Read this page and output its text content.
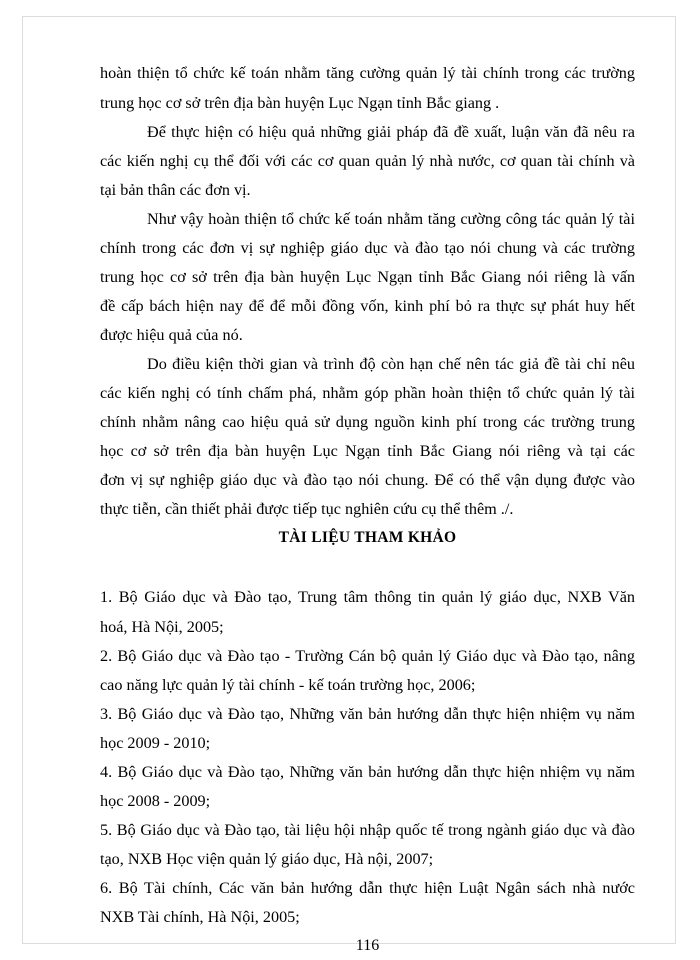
hoàn thiện tổ chức kế toán nhằm tăng cường quản lý tài chính trong các trường
trung học cơ sở trên địa bàn huyện Lục Ngạn tỉnh Bắc giang .
Để thực hiện có hiệu quả những giải pháp đã đề xuất, luận văn đã nêu ra
các kiến nghị cụ thể đối với các cơ quan quản lý nhà nước, cơ quan tài chính và
tại bản thân các đơn vị.
Như vậy hoàn thiện tổ chức kế toán nhằm tăng cường công tác quản lý tài
chính trong các đơn vị sự nghiệp giáo dục và đào tạo nói chung và các trường
trung học cơ sở trên địa bàn huyện Lục Ngạn tỉnh Bắc Giang nói riêng là vấn
đề cấp bách hiện nay để để mỗi đồng vốn, kinh phí bỏ ra thực sự phát huy hết
được hiệu quả của nó.
Do điều kiện thời gian và trình độ còn hạn chế nên tác giả đề tài chỉ nêu
các kiến nghị có tính chấm phá, nhằm góp phần hoàn thiện tổ chức quản lý tài
chính nhằm nâng cao hiệu quả sử dụng nguồn kinh phí trong các trường trung
học cơ sở trên địa bàn huyện Lục Ngạn tỉnh Bắc Giang nói riêng và tại các
đơn vị sự nghiệp giáo dục và đào tạo nói chung. Để có thể vận dụng được vào
thực tiễn, cần thiết phải được tiếp tục nghiên cứu cụ thể thêm ./.
TÀI LIỆU THAM KHẢO
1. Bộ Giáo dục và Đào tạo, Trung tâm thông tin quản lý giáo dục, NXB Văn
hoá, Hà Nội, 2005;
2. Bộ Giáo dục và Đào tạo - Trường Cán bộ quản lý Giáo dục và Đào tạo, nâng
cao năng lực quản lý tài chính - kế toán trường học, 2006;
3. Bộ Giáo dục và Đào tạo, Những văn bản hướng dẫn thực hiện nhiệm vụ năm
học 2009 - 2010;
4. Bộ Giáo dục và Đào tạo, Những văn bản hướng dẫn thực hiện nhiệm vụ năm
học 2008 - 2009;
5. Bộ Giáo dục và Đào tạo, tài liệu hội nhập quốc tế trong ngành giáo dục và đào
tạo, NXB Học viện quản lý giáo dục, Hà nội, 2007;
6. Bộ Tài chính, Các văn bản hướng dẫn thực hiện Luật Ngân sách nhà nước
NXB Tài chính, Hà Nội, 2005;
116
